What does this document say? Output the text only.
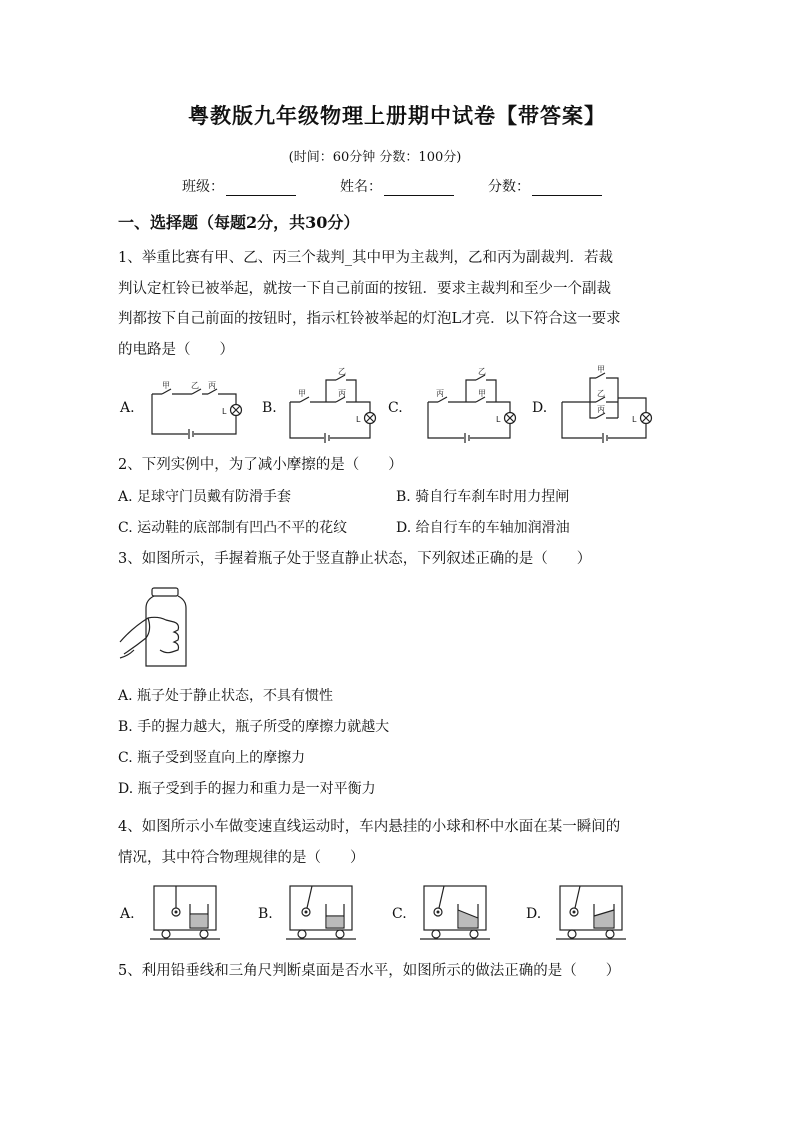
粤教版九年级物理上册期中试卷【带答案】
(时间：60分钟 分数：100分)
班级：	姓名：	分数：
一、选择题（每题2分，共30分）
1、举重比赛有甲、乙、丙三个裁判_其中甲为主裁判，乙和丙为副裁判．若裁
判认定杠铃已被举起，就按一下自己前面的按钮．要求主裁判和至少一个副裁
判都按下自己前面的按钮时，指示杠铃被举起的灯泡L才亮．以下符合这一要求
的电路是（　　）
A.	B.	C.	D.
甲	乙 丙
L
甲
乙
丙
L
丙
乙
甲
L
甲
乙
丙
L
2、下列实例中，为了减小摩擦的是（　　）
A. 足球守门员戴有防滑手套	B. 骑自行车刹车时用力捏闸
C. 运动鞋的底部制有凹凸不平的花纹	D. 给自行车的车轴加润滑油
3、如图所示，手握着瓶子处于竖直静止状态，下列叙述正确的是（　　）
A. 瓶子处于静止状态，不具有惯性
B. 手的握力越大，瓶子所受的摩擦力就越大
C. 瓶子受到竖直向上的摩擦力
D. 瓶子受到手的握力和重力是一对平衡力
4、如图所示小车做变速直线运动时，车内悬挂的小球和杯中水面在某一瞬间的
情况，其中符合物理规律的是（　　）
A.	B.	C.	D.
5、利用铅垂线和三角尺判断桌面是否水平，如图所示的做法正确的是（　　）
